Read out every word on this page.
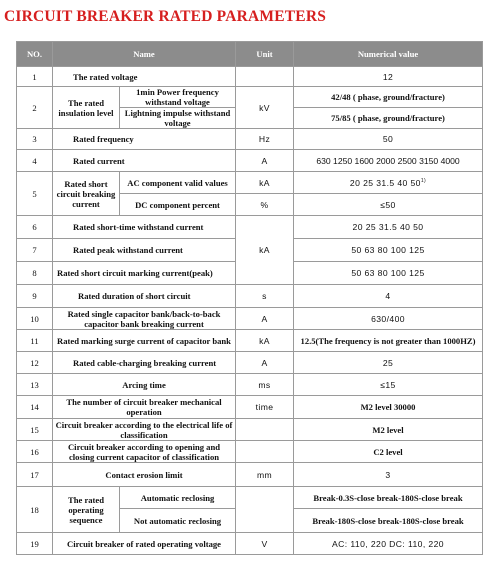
CIRCUIT BREAKER RATED PARAMETERS
NO.	Name		Unit	Numerical value
1	The rated voltage			12
2	The rated insulation level	1min Power frequency withstand voltage	kV	42/48 ( phase, ground/fracture)
		Lightning impulse withstand voltage		75/85 ( phase, ground/fracture)
3	Rated frequency		Hz	50
4	Rated current		A	630 1250 1600 2000 2500 3150 4000
5	Rated short circuit breaking current	AC component valid values	kA	20 25 31.5 40 50$^{1)}$
		DC component percent	%	≤50
6	Rated short-time withstand current		kA	20 25 31.5 40 50
7	Rated peak withstand current			50 63 80 100 125
8	Rated short circuit marking current(peak)			50 63 80 100 125
9	Rated duration of short circuit		s	4
10	Rated single capacitor bank/back-to-back capacitor bank breaking current		A	630/400
11	Rated marking surge current of capacitor bank		kA	12.5(The frequency is not greater than 1000HZ)
12	Rated cable-charging breaking current		A	25
13	Arcing time		ms	≤15
14	The number of circuit breaker mechanical operation		time	M2 level 30000
15	Circuit breaker according to the electrical life of classification			M2 level
16	Circuit breaker according to opening and closing current capacitor of classification			C2 level
17	Contact erosion limit		mm	3
18	The rated operating sequence	Automatic reclosing		Break-0.3S-close break-180S-close break
		Not automatic reclosing		Break-180S-close break-180S-close break
19	Circuit breaker of rated operating voltage		V	AC: 110, 220 DC: 110, 220
